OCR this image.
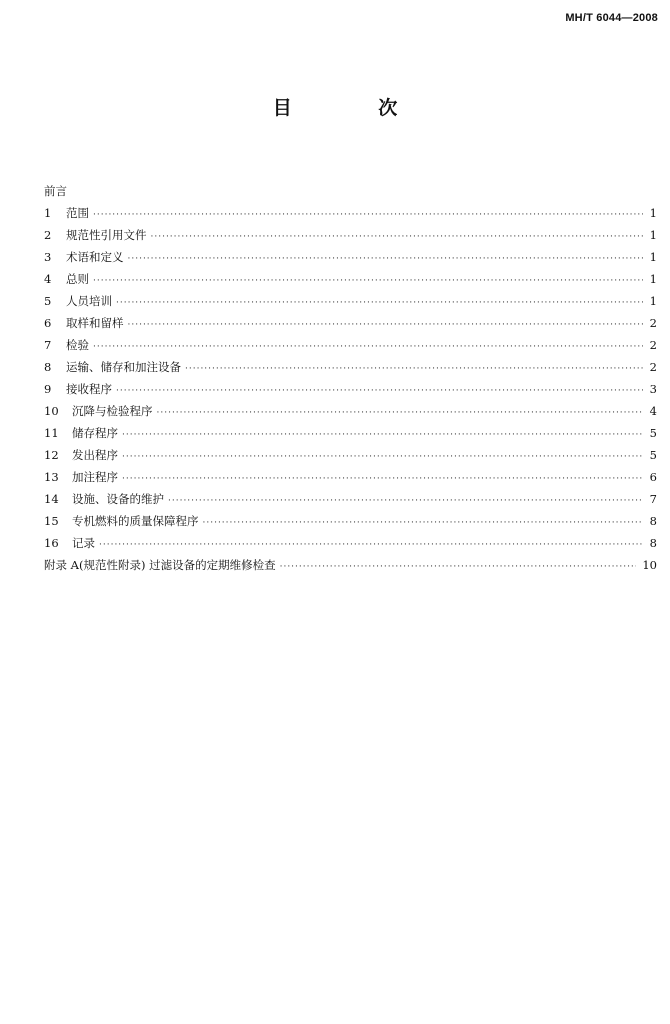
MH/T 6044—2008
目 次
前言
1	范围 ·····	1
2	规范性引用文件 ·····	1
3	术语和定义 ·····	1
4	总则 ·····	1
5	人员培训 ·····	1
6	取样和留样 ·····	2
7	检验 ·····	2
8	运输、储存和加注设备 ·····	2
9	接收程序 ·····	3
10	沉降与检验程序 ·····	4
11	储存程序 ·····	5
12	发出程序 ·····	5
13	加注程序 ·····	6
14	设施、设备的维护 ·····	7
15	专机燃料的质量保障程序 ·····	8
16	记录 ·····	8
附录 A(规范性附录) 过滤设备的定期维修检查 ·····	10
